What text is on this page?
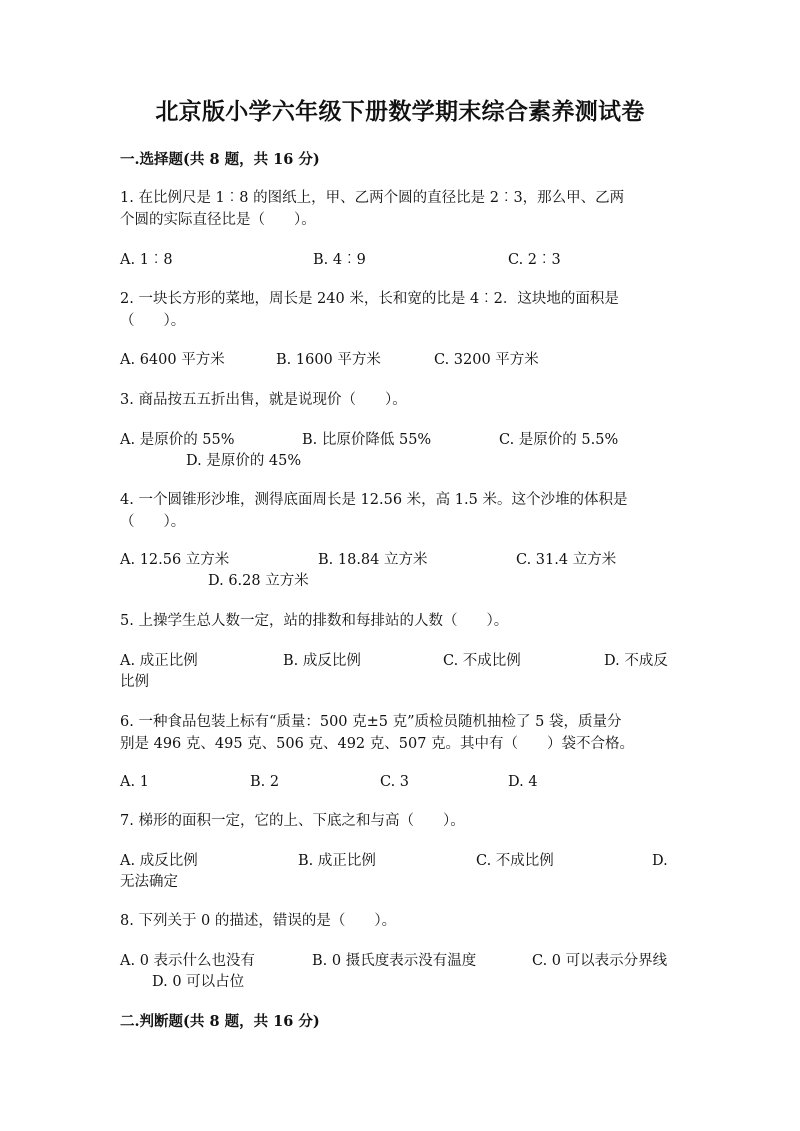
北京版小学六年级下册数学期末综合素养测试卷
一.选择题(共 8 题，共 16 分)
1. 在比例尺是 1︰8 的图纸上，甲、乙两个圆的直径比是 2︰3，那么甲、乙两
个圆的实际直径比是（　　）。
A. 1︰8	B. 4︰9	C. 2︰3
2. 一块长方形的菜地，周长是 240 米，长和宽的比是 4︰2．这块地的面积是
（　　）。
A. 6400 平方米	B. 1600 平方米	C. 3200 平方米
3. 商品按五五折出售，就是说现价（　　）。
A. 是原价的 55%	B. 比原价降低 55%	C. 是原价的 5.5%
D. 是原价的 45%
4. 一个圆锥形沙堆，测得底面周长是 12.56 米，高 1.5 米。这个沙堆的体积是
（　　）。
A. 12.56 立方米	B. 18.84 立方米	C. 31.4 立方米
D. 6.28 立方米
5. 上操学生总人数一定，站的排数和每排站的人数（　　）。
A. 成正比例	B. 成反比例	C. 不成比例	D. 不成反
比例
6. 一种食品包装上标有“质量：500 克±5 克”质检员随机抽检了 5 袋，质量分
别是 496 克、495 克、506 克、492 克、507 克。其中有（　　）袋不合格。
A. 1	B. 2	C. 3	D. 4
7. 梯形的面积一定，它的上、下底之和与高（　　）。
A. 成反比例	B. 成正比例	C. 不成比例	D.
无法确定
8. 下列关于 0 的描述，错误的是（　　）。
A. 0 表示什么也没有	B. 0 摄氏度表示没有温度	C. 0 可以表示分界线
D. 0 可以占位
二.判断题(共 8 题，共 16 分)
